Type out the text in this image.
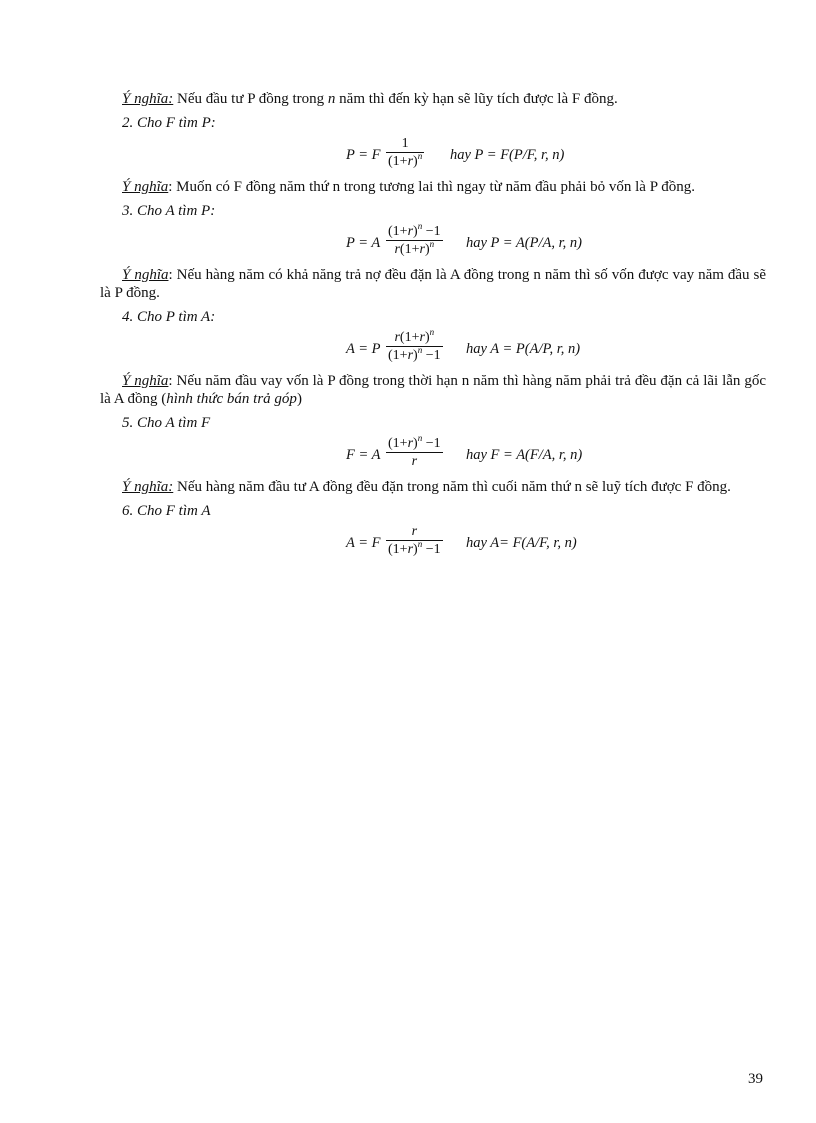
Ý nghĩa: Nếu đầu tư P đồng trong n năm thì đến kỳ hạn sẽ lũy tích được là F đồng.

2. Cho F tìm P:

P = F
1
$(1+r)^n$ hay P = F(P/F, r, n)

Ý nghĩa: Muốn có F đồng năm thứ n trong tương lai thì ngay từ năm đầu phải bỏ vốn là P đồng.

3. Cho A tìm P:

P = A
$(1+r)^n -1$
$r(1+r)^n$ hay P = A(P/A, r, n)

Ý nghĩa: Nếu hàng năm có khả năng trả nợ đều đặn là A đồng trong n năm thì số vốn được vay năm đầu sẽ là P đồng.

4. Cho P tìm A:

A = P
$r(1+r)^n$
$(1+r)^n -1$ hay A = P(A/P, r, n)

Ý nghĩa: Nếu năm đầu vay vốn là P đồng trong thời hạn n năm thì hàng năm phải trả đều đặn cả lãi lẫn gốc là A đồng (hình thức bán trả góp)

5. Cho A tìm F

F = A
$(1+r)^n -1$
r	hay F = A(F/A, r, n)

Ý nghĩa: Nếu hàng năm đầu tư A đồng đều đặn trong năm thì cuối năm thứ n sẽ luỹ tích được F đồng.

6. Cho F tìm A

A = F
r
$(1+r)^n -1$ hay A= F(A/F, r, n)
39
